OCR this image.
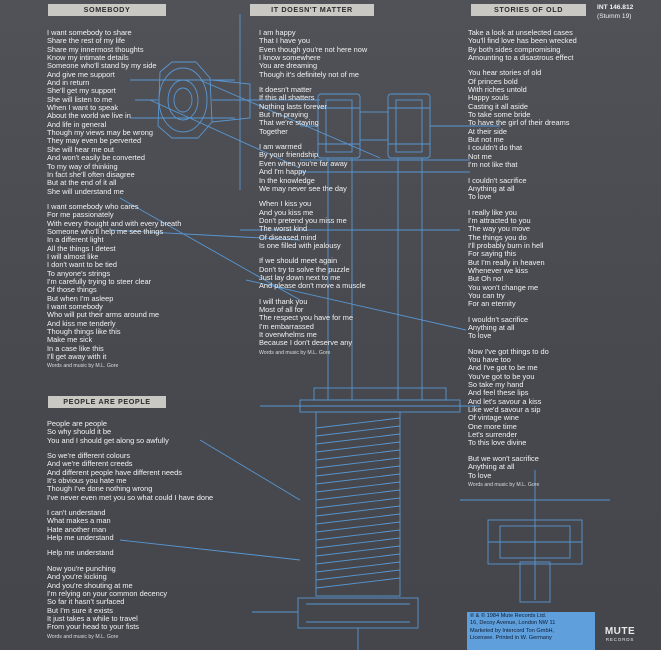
SOMEBODY
I want somebody to share
Share the rest of my life
Share my innermost thoughts
Know my intimate details
Someone who'll stand by my side
And give me support
And in return
She'll get my support
She will listen to me
When I want to speak
About the world we live in
And life in general
Though my views may be wrong
They may even be perverted
She will hear me out
And won't easily be converted
To my way of thinking
In fact she'll often disagree
But at the end of it all
She will understand me
I want somebody who cares
For me passionately
With every thought and with every breath
Someone who'll help me see things
In a different light
All the things I detest
I will almost like
I don't want to be tied
To anyone's strings
I'm carefully trying to steer clear
Of those things
But when I'm asleep
I want somebody
Who will put their arms around me
And kiss me tenderly
Though things like this
Make me sick
In a case like this
I'll get away with it
Words and music by M.L. Gore
PEOPLE ARE PEOPLE
People are people
So why should it be
You and I should get along so awfully
So we're different colours
And we're different creeds
And different people have different needs
It's obvious you hate me
Though I've done nothing wrong
I've never even met you so what could I have done
I can't understand
What makes a man
Hate another man
Help me understand
Help me understand
Now you're punching
And you're kicking
And you're shouting at me
I'm relying on your common decency
So far it hasn't surfaced
But I'm sure it exists
It just takes a while to travel
From your head to your fists
Words and music by M.L. Gore
IT DOESN'T MATTER
I am happy
That I have you
Even though you're not here now
I know somewhere
You are dreaming
Though it's definitely not of me
It doesn't matter
If this all shatters
Nothing lasts forever
But I'm praying
That we're staying
Together
I am warmed
By your friendship
Even when you're far away
And I'm happy
In the knowledge
We may never see the day
When I kiss you
And you kiss me
Don't pretend you miss me
The worst kind
Of diseased mind
Is one filled with jealousy
If we should meet again
Don't try to solve the puzzle
Just lay down next to me
And please don't move a muscle
I will thank you
Most of all for
The respect you have for me
I'm embarrassed
It overwhelms me
Because I don't deserve any
Words and music by M.L. Gore
STORIES OF OLD
Take a look at unselected cases
You'll find love has been wrecked
By both sides compromising
Amounting to a disastrous effect
You hear stories of old
Of princes bold
With riches untold
Happy souls
Casting it all aside
To take some bride
To have the girl of their dreams
At their side
But not me
I couldn't do that
Not me
I'm not like that
I couldn't sacrifice
Anything at all
To love
I really like you
I'm attracted to you
The way you move
The things you do
I'll probably burn in hell
For saying this
But I'm really in heaven
Whenever we kiss
But Oh no!
You won't change me
You can try
For an eternity
I wouldn't sacrifice
Anything at all
To love
Now I've got things to do
You have too
And I've got to be me
You've got to be you
So take my hand
And feel these lips
And let's savour a kiss
Like we'd savour a sip
Of vintage wine
One more time
Let's surrender
To this love divine
But we won't sacrifice
Anything at all
To love
Words and music by M.L. Gore
INT 146.812
(Stumm 19)
℗ & © 1984 Mute Records Ltd.
16, Decoy Avenue, London NW 11
Marketed by Intercord Ton GmbH,
Licensee. Printed in W. Germany
MUTE
RECORDS
